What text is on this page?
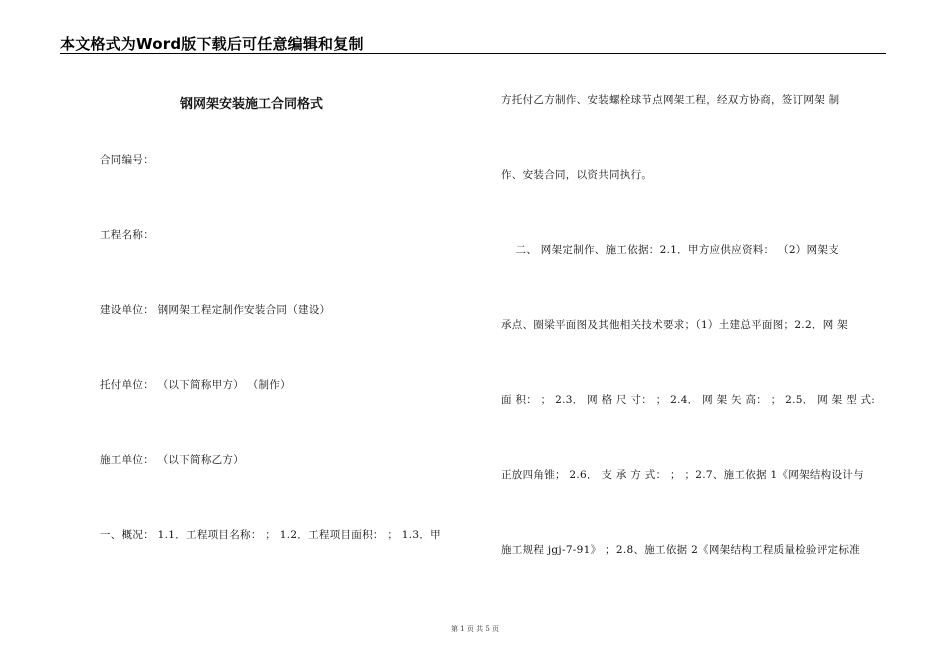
本文格式为Word版下载后可任意编辑和复制
钢网架安装施工合同格式
合同编号：
工程名称：
建设单位： 钢网架工程定制作安装合同（建设）
托付单位： （以下简称甲方） （制作）
施工单位： （以下简称乙方）
一、概况： 1.1．工程项目名称： ； 1.2．工程项目面积： ； 1.3．甲
方托付乙方制作、安装螺栓球节点网架工程，经双方协商，签订网架 制
作、安装合同，以资共同执行。
二、 网架定制作、施工依据：2.1．甲方应供应资料： （2）网架支
承点、圈梁平面图及其他相关技术要求；（1）土建总平面图；2.2．网 架
面 积： ； 2.3． 网 格 尺 寸： ； 2.4． 网 架 矢 高： ； 2.5． 网 架 型 式:
正放四角锥； 2.6． 支 承 方 式： ； ；2.7、施工依据 1《网架结构设计与
施工规程 jgj-7-91》 ；2.8、施工依据 2《网架结构工程质量检验评定标准
第 1 页 共 5 页
